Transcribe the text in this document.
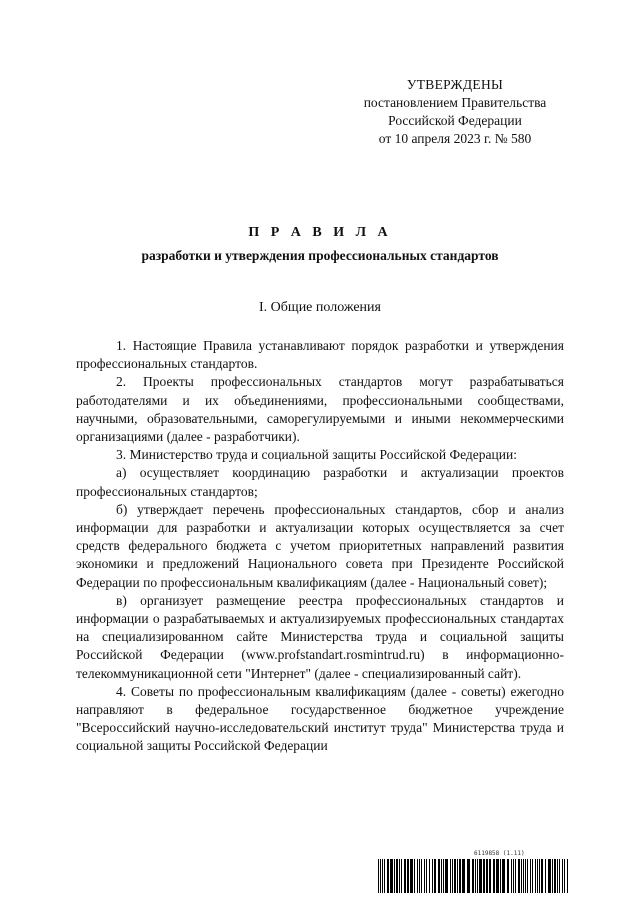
УТВЕРЖДЕНЫ
постановлением Правительства
Российской Федерации
от 10 апреля 2023 г. № 580
П Р А В И Л А
разработки и утверждения профессиональных стандартов
I. Общие положения

1. Настоящие Правила устанавливают порядок разработки и утверждения профессиональных стандартов.

2. Проекты профессиональных стандартов могут разрабатываться работодателями и их объединениями, профессиональными сообществами, научными, образовательными, саморегулируемыми и иными некоммерческими организациями (далее - разработчики).

3. Министерство труда и социальной защиты Российской Федерации:

а) осуществляет координацию разработки и актуализации проектов профессиональных стандартов;

б) утверждает перечень профессиональных стандартов, сбор и анализ информации для разработки и актуализации которых осуществляется за счет средств федерального бюджета с учетом приоритетных направлений развития экономики и предложений Национального совета при Президенте Российской Федерации по профессиональным квалификациям (далее - Национальный совет);

в) организует размещение реестра профессиональных стандартов и информации о разрабатываемых и актуализируемых профессиональных стандартах на специализированном сайте Министерства труда и социальной защиты Российской Федерации (www.profstandart.rosmintrud.ru) в информационно-телекоммуникационной сети "Интернет" (далее - специализированный сайт).

4. Советы по профессиональным квалификациям (далее - советы) ежегодно направляют в федеральное государственное бюджетное учреждение "Всероссийский научно-исследовательский институт труда" Министерства труда и социальной защиты Российской Федерации

6119858 (1.11)
